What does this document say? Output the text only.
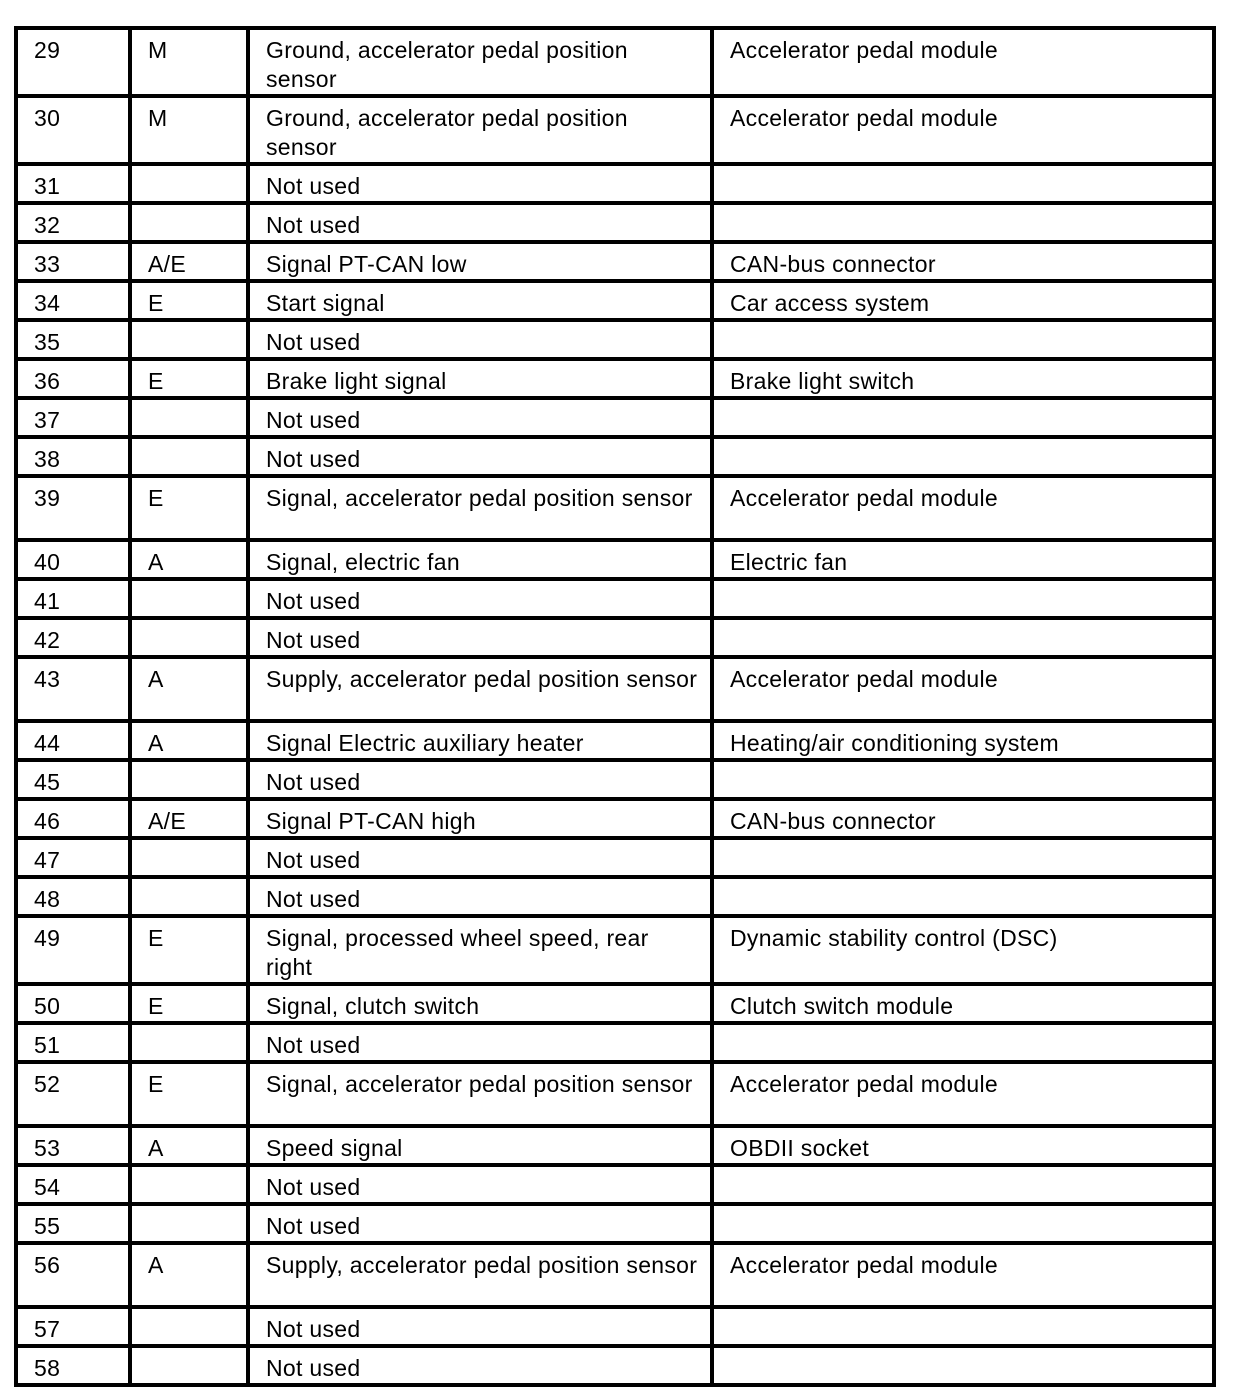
29	M	Ground, accelerator pedal position sensor	Accelerator pedal module
30	M	Ground, accelerator pedal position sensor	Accelerator pedal module
31		Not used	
32		Not used	
33	A/E	Signal PT-CAN low	CAN-bus connector
34	E	Start signal	Car access system
35		Not used	
36	E	Brake light signal	Brake light switch
37		Not used	
38		Not used	
39	E	Signal, accelerator pedal position sensor	Accelerator pedal module
40	A	Signal, electric fan	Electric fan
41		Not used	
42		Not used	
43	A	Supply, accelerator pedal position sensor	Accelerator pedal module
44	A	Signal Electric auxiliary heater	Heating/air conditioning system
45		Not used	
46	A/E	Signal PT-CAN high	CAN-bus connector
47		Not used	
48		Not used	
49	E	Signal, processed wheel speed, rear right	Dynamic stability control (DSC)
50	E	Signal, clutch switch	Clutch switch module
51		Not used	
52	E	Signal, accelerator pedal position sensor	Accelerator pedal module
53	A	Speed signal	OBDII socket
54		Not used	
55		Not used	
56	A	Supply, accelerator pedal position sensor	Accelerator pedal module
57		Not used	
58		Not used	
